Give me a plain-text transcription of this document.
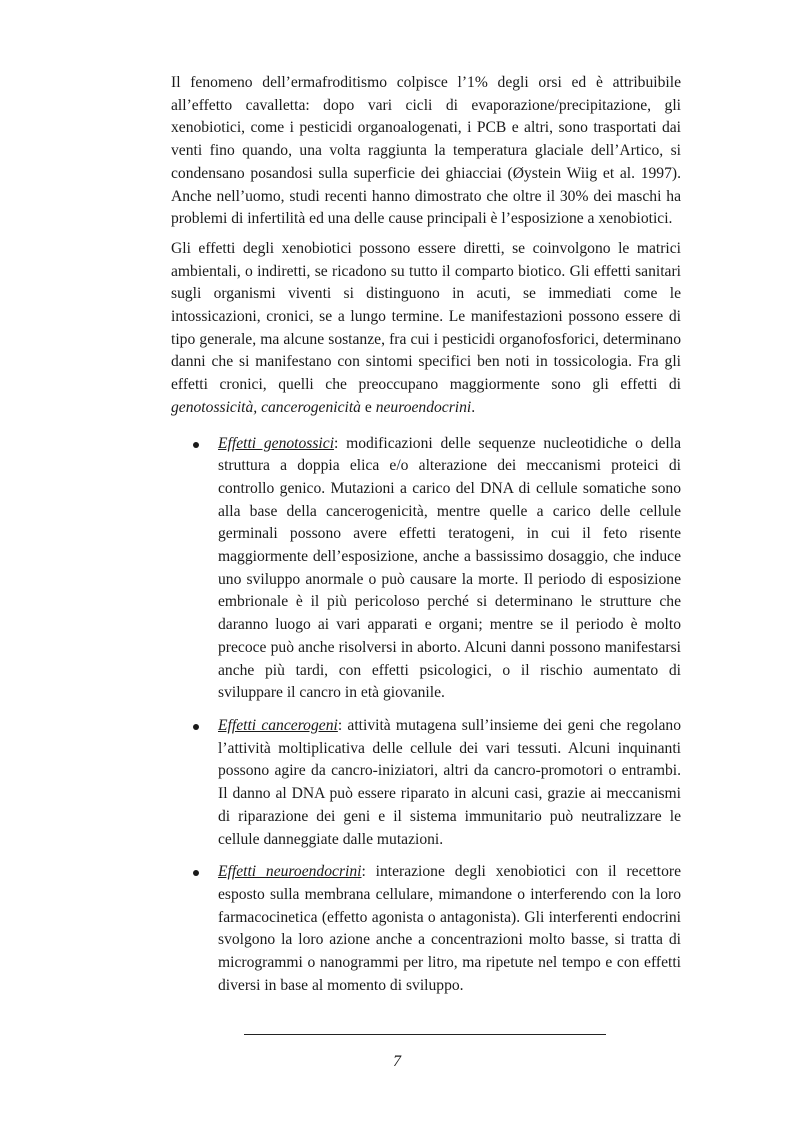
Il fenomeno dell’ermafroditismo colpisce l’1% degli orsi ed è attribuibile all’effetto cavalletta: dopo vari cicli di evaporazione/precipitazione, gli xenobiotici, come i pesticidi organoalogenati, i PCB e altri, sono trasportati dai venti fino quando, una volta raggiunta la temperatura glaciale dell’Artico, si condensano posandosi sulla superficie dei ghiacciai (Øystein Wiig et al. 1997). Anche nell’uomo, studi recenti hanno dimostrato che oltre il 30% dei maschi ha problemi di infertilità ed una delle cause principali è l’esposizione a xenobiotici.

Gli effetti degli xenobiotici possono essere diretti, se coinvolgono le matrici ambientali, o indiretti, se ricadono su tutto il comparto biotico. Gli effetti sanitari sugli organismi viventi si distinguono in acuti, se immediati come le intossicazioni, cronici, se a lungo termine. Le manifestazioni possono essere di tipo generale, ma alcune sostanze, fra cui i pesticidi organofosforici, determinano danni che si manifestano con sintomi specifici ben noti in tossicologia. Fra gli effetti cronici, quelli che preoccupano maggiormente sono gli effetti di genotossicità, cancerogenicità e neuroendocrini.

Effetti genotossici: modificazioni delle sequenze nucleotidiche o della struttura a doppia elica e/o alterazione dei meccanismi proteici di controllo genico. Mutazioni a carico del DNA di cellule somatiche sono alla base della cancerogenicità, mentre quelle a carico delle cellule germinali possono avere effetti teratogeni, in cui il feto risente maggiormente dell’esposizione, anche a bassissimo dosaggio, che induce uno sviluppo anormale o può causare la morte. Il periodo di esposizione embrionale è il più pericoloso perché si determinano le strutture che daranno luogo ai vari apparati e organi; mentre se il periodo è molto precoce può anche risolversi in aborto. Alcuni danni possono manifestarsi anche più tardi, con effetti psicologici, o il rischio aumentato di sviluppare il cancro in età giovanile.
Effetti cancerogeni: attività mutagena sull’insieme dei geni che regolano l’attività moltiplicativa delle cellule dei vari tessuti. Alcuni inquinanti possono agire da cancro-iniziatori, altri da cancro-promotori o entrambi. Il danno al DNA può essere riparato in alcuni casi, grazie ai meccanismi di riparazione dei geni e il sistema immunitario può neutralizzare le cellule danneggiate dalle mutazioni.
Effetti neuroendocrini: interazione degli xenobiotici con il recettore esposto sulla membrana cellulare, mimandone o interferendo con la loro farmacocinetica (effetto agonista o antagonista). Gli interferenti endocrini svolgono la loro azione anche a concentrazioni molto basse, si tratta di microgrammi o nanogrammi per litro, ma ripetute nel tempo e con effetti diversi in base al momento di sviluppo.
7
